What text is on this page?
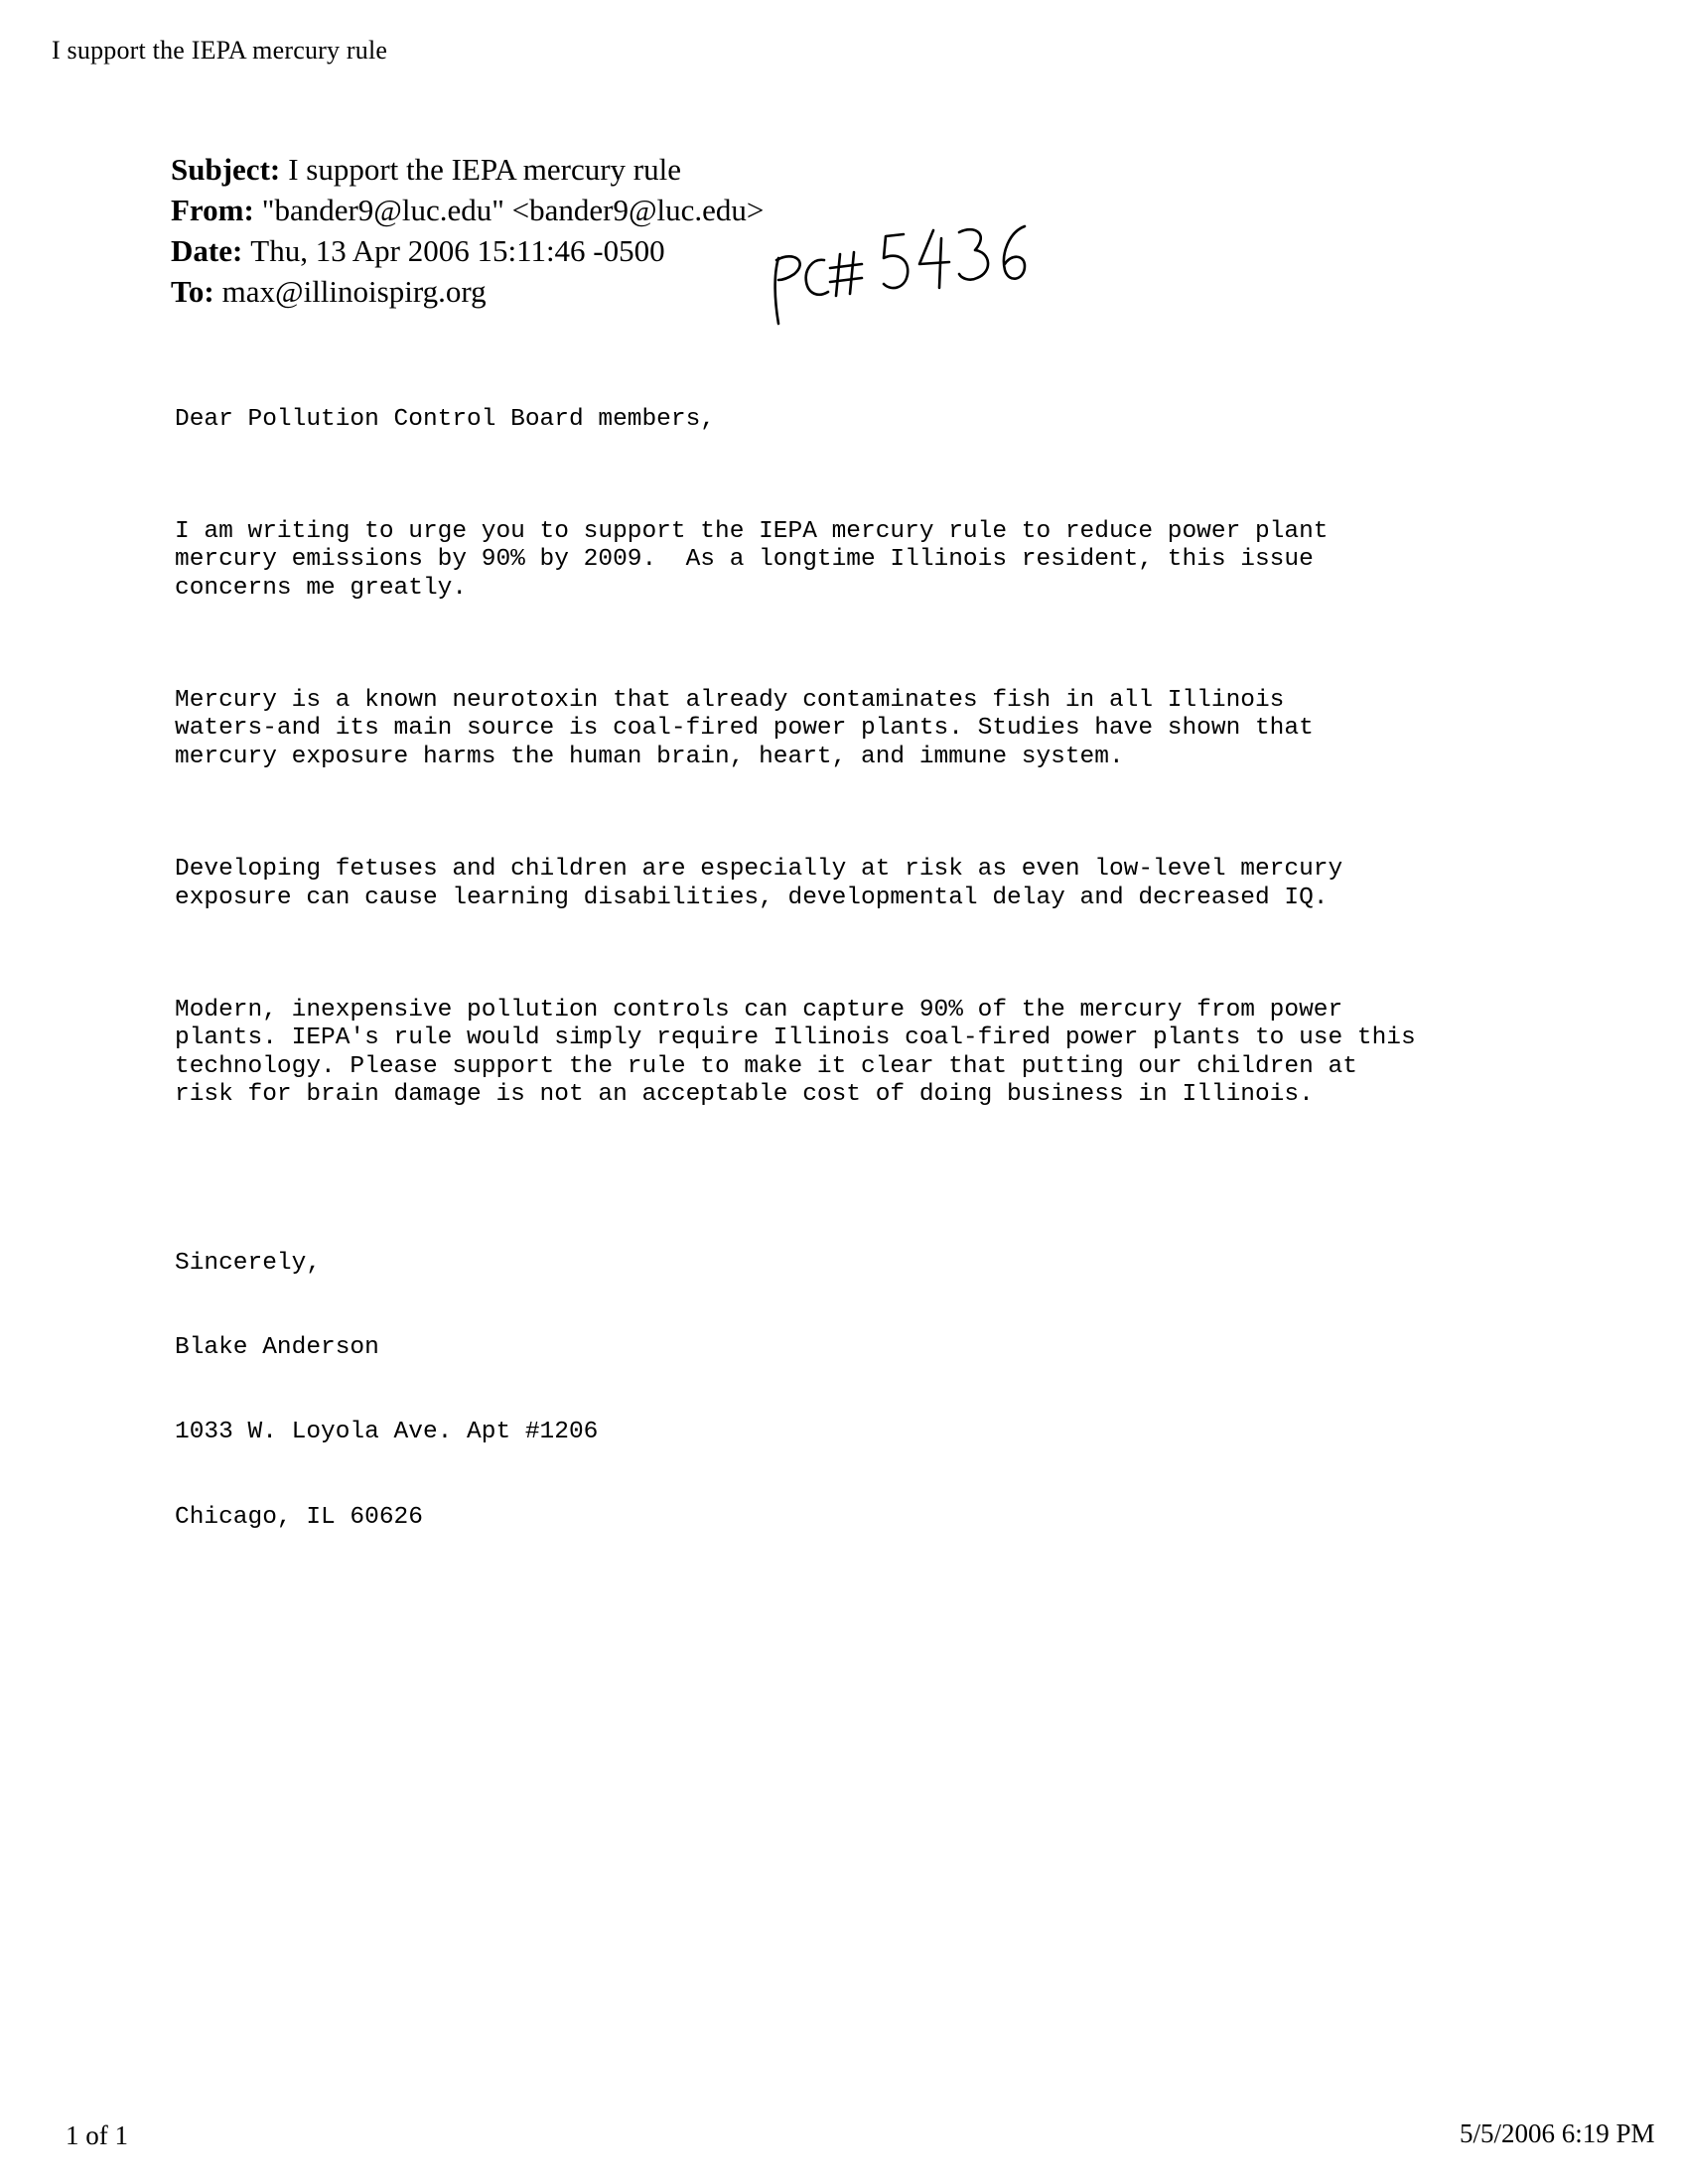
I support the IEPA mercury rule
Subject: I support the IEPA mercury rule
From: "bander9@luc.edu" <bander9@luc.edu>
Date: Thu, 13 Apr 2006 15:11:46 -0500
To: max@illinoispirg.org

Dear Pollution Control Board members,

I am writing to urge you to support the IEPA mercury rule to reduce power plant
mercury emissions by 90% by 2009.  As a longtime Illinois resident, this issue
concerns me greatly.

Mercury is a known neurotoxin that already contaminates fish in all Illinois
waters-and its main source is coal-fired power plants. Studies have shown that
mercury exposure harms the human brain, heart, and immune system.

Developing fetuses and children are especially at risk as even low-level mercury
exposure can cause learning disabilities, developmental delay and decreased IQ.

Modern, inexpensive pollution controls can capture 90% of the mercury from power
plants. IEPA's rule would simply require Illinois coal-fired power plants to use this
technology. Please support the rule to make it clear that putting our children at
risk for brain damage is not an acceptable cost of doing business in Illinois.

Sincerely,

Blake Anderson

1033 W. Loyola Ave. Apt #1206

Chicago, IL 60626

1 of 1	5/5/2006 6:19 PM
